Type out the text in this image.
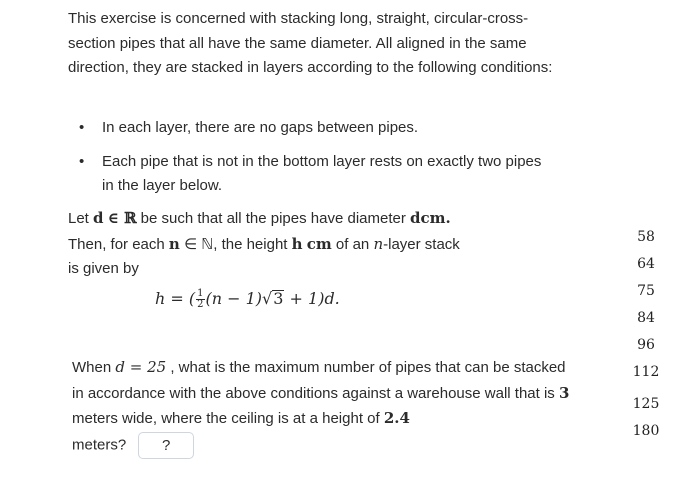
This exercise is concerned with stacking long, straight, circular-cross-section pipes that all have the same diameter. All aligned in the same direction, they are stacked in layers according to the following conditions:
• In each layer, there are no gaps between pipes.
• Each pipe that is not in the bottom layer rests on exactly two pipes in the layer below.
Let d ∈ ℝ be such that all the pipes have diameter dcm.
Then, for each n ∈ ℕ, the height h cm of an n-layer stack
is given by
h = ( $\frac{1}{2} (n - 1)√3 + 1)d$.
When d = 25 , what is the maximum number of pipes that can be stacked in accordance with the above conditions against a warehouse wall that is 3 meters wide, where the ceiling is at a height of 2.4
meters? ?
58
64
75
84
96
112
125
180
